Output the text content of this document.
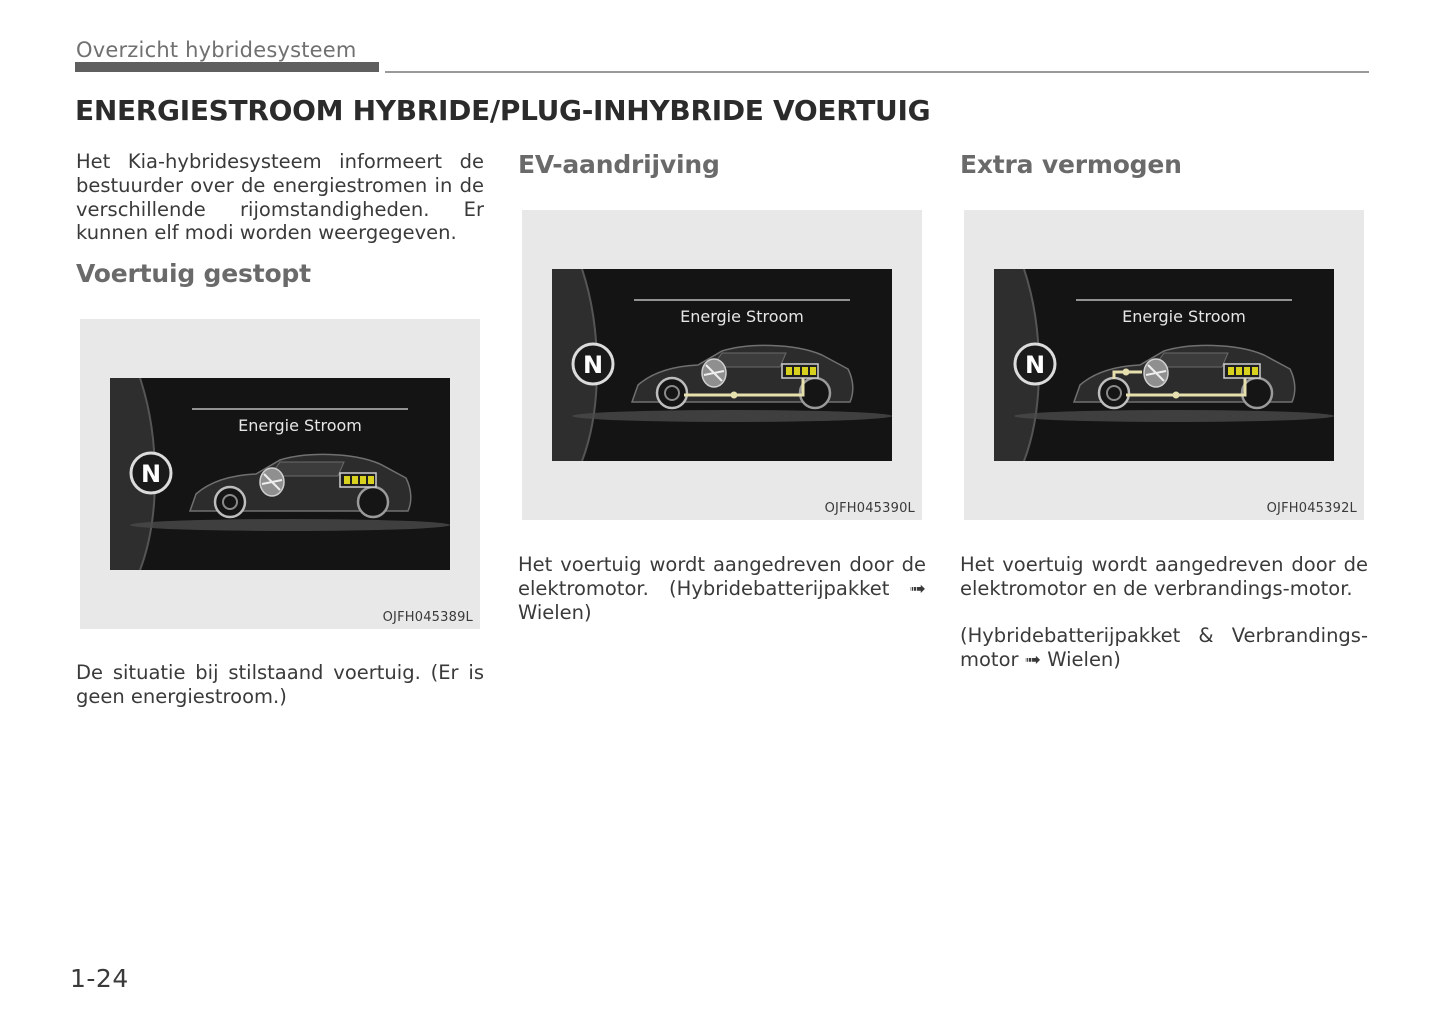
Overzicht hybridesysteem
ENERGIESTROOM HYBRIDE/PLUG-INHYBRIDE VOERTUIG
Het Kia-hybridesysteem informeert de bestuurder over de energiestromen in de verschillende rijomstandigheden. Er kunnen elf modi worden weergegeven.
Voertuig gestopt
Energie Stroom
N
OJFH045389L
De situatie bij stilstaand voertuig. (Er is geen energiestroom.)
EV-aandrijving
Energie Stroom
N
OJFH045390L
Het voertuig wordt aangedreven door de elektromotor. (Hybridebatterijpakket ➟ Wielen)
Extra vermogen
Energie Stroom
N
OJFH045392L
Het voertuig wordt aangedreven door de elektromotor en de verbrandings-motor.
(Hybridebatterijpakket & Verbrandings-motor ➟ Wielen)
1-24
